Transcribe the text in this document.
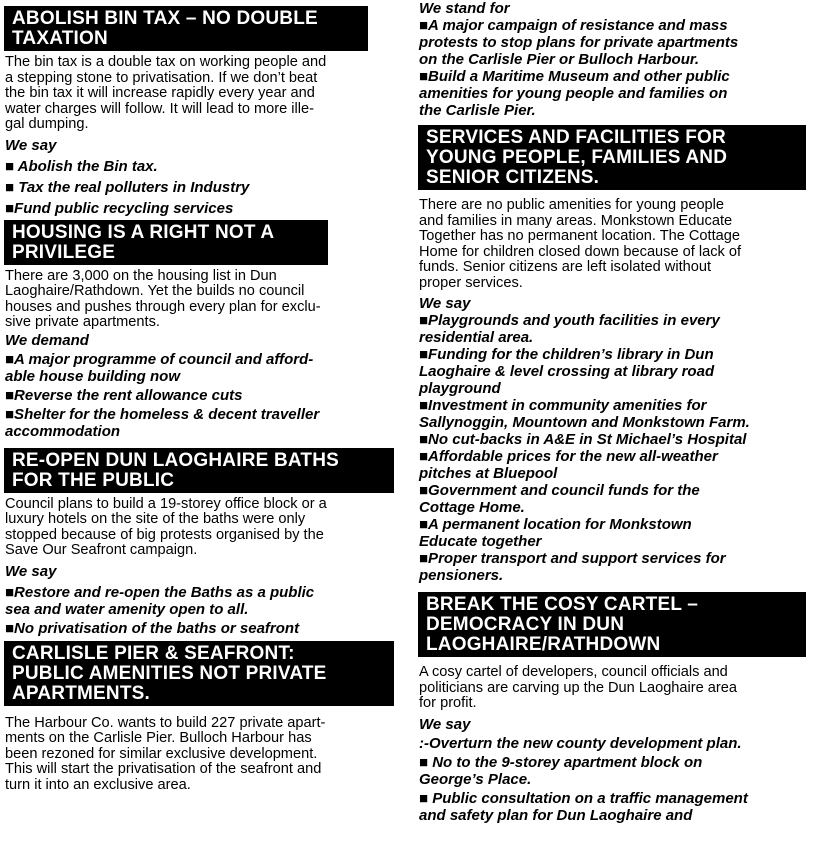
ABOLISH BIN TAX – NO DOUBLE
TAXATION

The bin tax is a double tax on working people and
a stepping stone to privatisation. If we don’t beat
the bin tax it will increase rapidly every year and
water charges will follow. It will lead to more ille-
gal dumping.

We say

■ Abolish the Bin tax.

■ Tax the real polluters in Industry

■Fund public recycling services

HOUSING IS A RIGHT NOT A
PRIVILEGE

There are 3,000 on the housing list in Dun
Laoghaire/Rathdown. Yet the builds no council
houses and pushes through every plan for exclu-
sive private apartments.

We demand

■A major programme of council and afford-
able house building now

■Reverse the rent allowance cuts

■Shelter for the homeless & decent traveller
accommodation

RE-OPEN DUN LAOGHAIRE BATHS
FOR THE PUBLIC

Council plans to build a 19-storey office block or a
luxury hotels on the site of the baths were only
stopped because of big protests organised by the
Save Our Seafront campaign.

We say

■Restore and re-open the Baths as a public
sea and water amenity open to all.

■No privatisation of the baths or seafront

CARLISLE PIER & SEAFRONT:
PUBLIC AMENITIES NOT PRIVATE
APARTMENTS.

The Harbour Co. wants to build 227 private apart-
ments on the Carlisle Pier. Bulloch Harbour has
been rezoned for similar exclusive development.
This will start the privatisation of the seafront and
turn it into an exclusive area.

We stand for

■A major campaign of resistance and mass
protests to stop plans for private apartments
on the Carlisle Pier or Bulloch Harbour.

■Build a Maritime Museum and other public
amenities for young people and families on
the Carlisle Pier.

SERVICES AND FACILITIES FOR
YOUNG PEOPLE, FAMILIES AND
SENIOR CITIZENS.

There are no public amenities for young people
and families in many areas. Monkstown Educate
Together has no permanent location. The Cottage
Home for children closed down because of lack of
funds. Senior citizens are left isolated without
proper services.

We say

■Playgrounds and youth facilities in every
residential area.

■Funding for the children’s library in Dun
Laoghaire & level crossing at library road
playground

■Investment in community amenities for
Sallynoggin, Mountown and Monkstown Farm.

■No cut-backs in A&E in St Michael’s Hospital

■Affordable prices for the new all-weather
pitches at Bluepool

■Government and council funds for the
Cottage Home.

■A permanent location for Monkstown
Educate together

■Proper transport and support services for
pensioners.

BREAK THE COSY CARTEL –
DEMOCRACY IN DUN
LAOGHAIRE/RATHDOWN

A cosy cartel of developers, council officials and
politicians are carving up the Dun Laoghaire area
for profit.

We say

:-Overturn the new county development plan.

■ No to the 9-storey apartment block on
George’s Place.

■ Public consultation on a traffic management
and safety plan for Dun Laoghaire and
